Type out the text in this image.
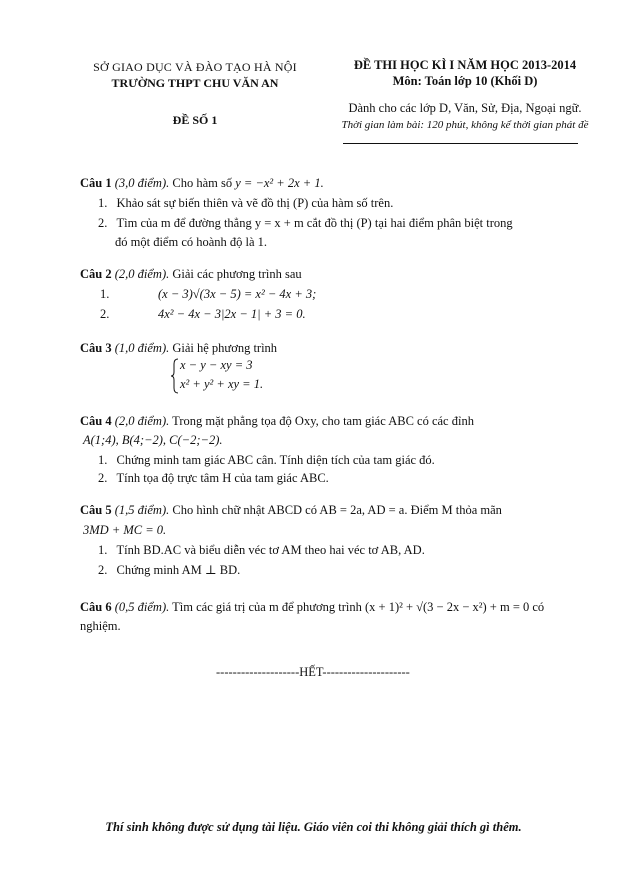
SỞ GIAO DỤC VÀ ĐÀO TẠO HÀ NỘI
TRƯỜNG THPT CHU VĂN AN
ĐỀ SỐ 1
ĐỀ THI HỌC KÌ I NĂM HỌC 2013-2014
Môn: Toán lớp 10 (Khối D)
Dành cho các lớp D, Văn, Sử, Địa, Ngoại ngữ.
Thời gian làm bài: 120 phút, không kể thời gian phát đề
Câu 1 (3,0 điểm). Cho hàm số y = −x² + 2x + 1.
1. Khảo sát sự biến thiên và vẽ đồ thị (P) của hàm số trên.
2. Tìm của m để đường thẳng y = x + m cắt đồ thị (P) tại hai điểm phân biệt trong
đó một điểm có hoành độ là 1.
Câu 2 (2,0 điểm). Giải các phương trình sau
1.	(x − 3)√(3x − 5) = x² − 4x + 3;
2.	4x² − 4x − 3|2x − 1| + 3 = 0.
Câu 3 (1,0 điểm). Giải hệ phương trình
x − y − xy = 3
x² + y² + xy = 1.
Câu 4 (2,0 điểm). Trong mặt phẳng tọa độ Oxy, cho tam giác ABC có các đỉnh
A(1;4), B(4;−2), C(−2;−2).
1. Chứng minh tam giác ABC cân. Tính diện tích của tam giác đó.
2. Tính tọa độ trực tâm H của tam giác ABC.
Câu 5 (1,5 điểm). Cho hình chữ nhật ABCD có AB = 2a, AD = a. Điểm M thỏa mãn
3MD + MC = 0.
1. Tính BD.AC và biểu diễn véc tơ AM theo hai véc tơ AB, AD.
2. Chứng minh AM ⊥ BD.
Câu 6 (0,5 điểm). Tìm các giá trị của m để phương trình (x + 1)² + √(3 − 2x − x²) + m = 0 có
nghiệm.
--------------------HẾT---------------------
Thí sinh không được sử dụng tài liệu. Giáo viên coi thi không giải thích gì thêm.
